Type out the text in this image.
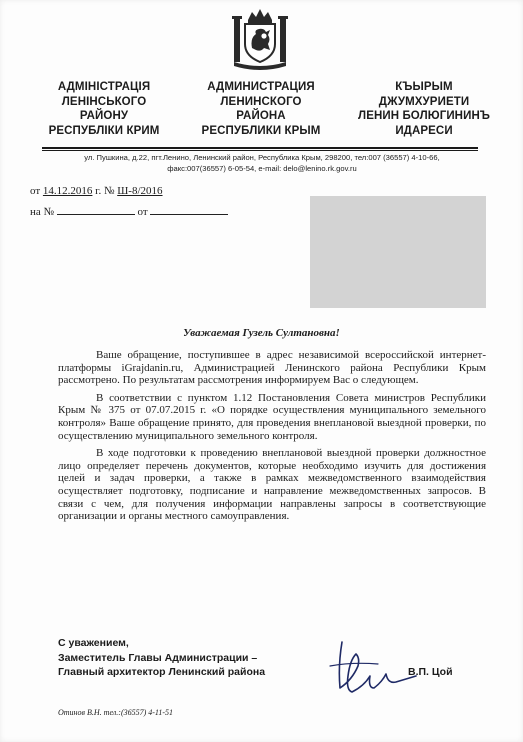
АДМІНІСТРАЦІЯ
ЛЕНІНСЬКОГО
РАЙОНУ
РЕСПУБЛІКИ КРИМ
АДМИНИСТРАЦИЯ
ЛЕНИНСКОГО
РАЙОНА
РЕСПУБЛИКИ КРЫМ
КЪЫРЫМ
ДЖУМХУРИЕТИ
ЛЕНИН БОЛЮГИНИНЪ
ИДАРЕСИ
ул. Пушкина, д.22, пгт.Ленино, Ленинский район, Республика Крым, 298200, тел:007 (36557) 4-10-66,
факс:007(36557) 6-05-54, e-mail: delo@lenino.rk.gov.ru
от 14.12.2016 г. № Ш-8/2016
на №	от
Уважаемая Гузель Султановна!

Ваше обращение, поступившее в адрес независимой всероссийской интернет-платформы iGrajdanin.ru, Администрацией Ленинского района Республики Крым рассмотрено. По результатам рассмотрения информируем Вас о следующем.

В соответствии с пунктом 1.12 Постановления Совета министров Республики Крым № 375 от 07.07.2015 г. «О порядке осуществления муниципального земельного контроля» Ваше обращение принято, для проведения внеплановой выездной проверки, по осуществлению муниципального земельного контроля.

В ходе подготовки к проведению внеплановой выездной проверки должностное лицо определяет перечень документов, которые необходимо изучить для достижения целей и задач проверки, а также в рамках межведомственного взаимодействия осуществляет подготовку, подписание и направление межведомственных запросов. В связи с чем, для получения информации направлены запросы в соответствующие организации и органы местного самоуправления.

С уважением,
Заместитель Главы Администрации –
Главный архитектор Ленинский района	В.П. Цой
Отинов В.Н. тел.:(36557) 4-11-51
